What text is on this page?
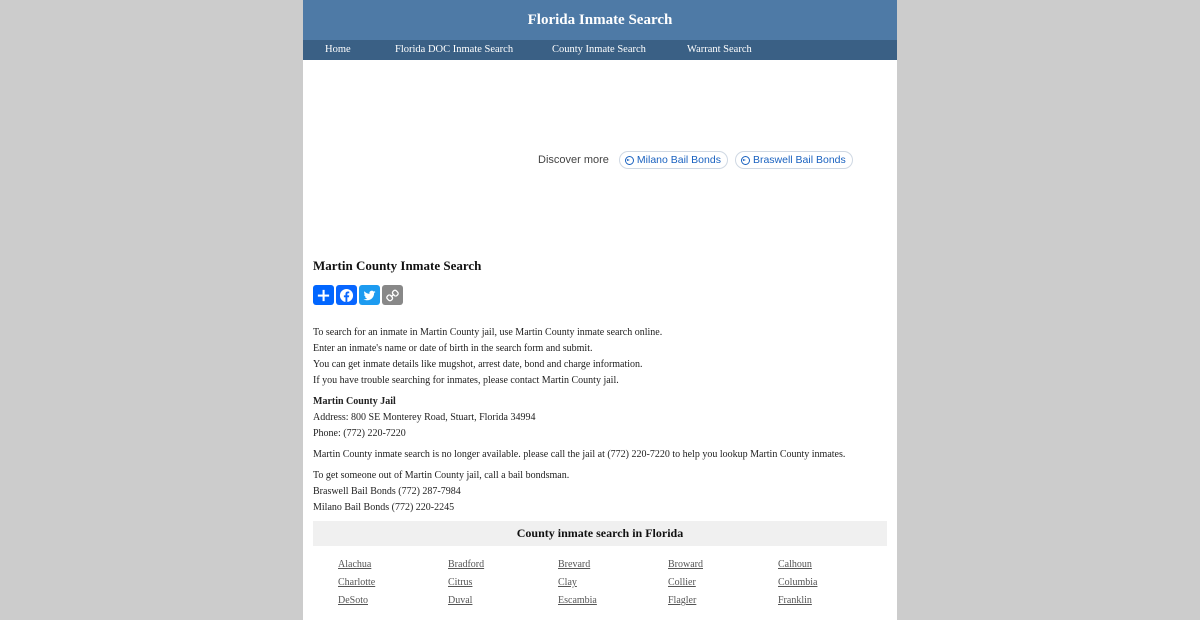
Florida Inmate Search
Home	Florida DOC Inmate Search	County Inmate Search	Warrant Search
Discover more	Milano Bail Bonds	Braswell Bail Bonds
Martin County Inmate Search

To search for an inmate in Martin County jail, use Martin County inmate search online.

Enter an inmate's name or date of birth in the search form and submit.

You can get inmate details like mugshot, arrest date, bond and charge information.

If you have trouble searching for inmates, please contact Martin County jail.

Martin County Jail

Address: 800 SE Monterey Road, Stuart, Florida 34994

Phone: (772) 220-7220

Martin County inmate search is no longer available. please call the jail at (772) 220-7220 to help you lookup Martin County inmates.

To get someone out of Martin County jail, call a bail bondsman.

Braswell Bail Bonds (772) 287-7984

Milano Bail Bonds (772) 220-2245

County inmate search in Florida
Alachua	Bradford	Brevard	Broward	Calhoun
Charlotte	Citrus	Clay	Collier	Columbia
DeSoto	Duval	Escambia	Flagler	Franklin
